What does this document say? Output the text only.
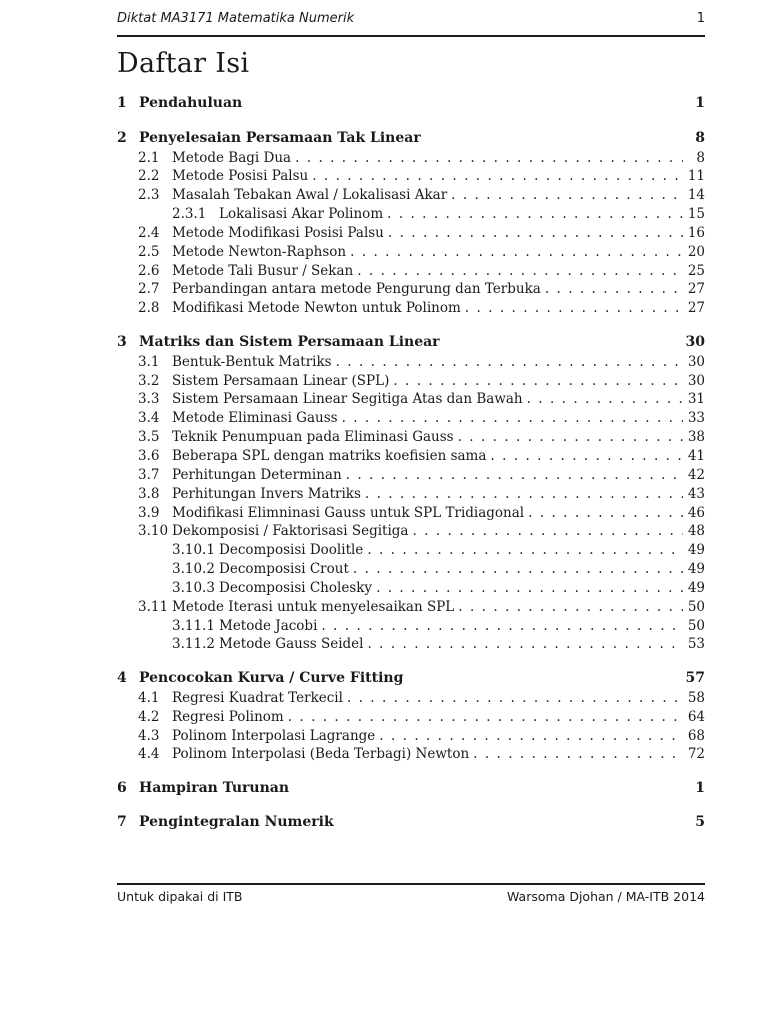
Diktat MA3171 Matematika Numerik	1
Daftar Isi
1 Pendahuluan	1
2 Penyelesaian Persamaan Tak Linear	8
2.1 Metode Bagi Dua . . .	8
2.2 Metode Posisi Palsu . . .	11
2.3 Masalah Tebakan Awal / Lokalisasi Akar . . .	14
2.3.1 Lokalisasi Akar Polinom . . .	15
2.4 Metode Modifikasi Posisi Palsu . . .	16
2.5 Metode Newton-Raphson . . .	20
2.6 Metode Tali Busur / Sekan . . .	25
2.7 Perbandingan antara metode Pengurung dan Terbuka . . .	27
2.8 Modifikasi Metode Newton untuk Polinom . . .	27
3 Matriks dan Sistem Persamaan Linear	30
3.1 Bentuk-Bentuk Matriks . . .	30
3.2 Sistem Persamaan Linear (SPL) . . .	30
3.3 Sistem Persamaan Linear Segitiga Atas dan Bawah . . .	31
3.4 Metode Eliminasi Gauss . . .	33
3.5 Teknik Penumpuan pada Eliminasi Gauss . . .	38
3.6 Beberapa SPL dengan matriks koefisien sama . . .	41
3.7 Perhitungan Determinan . . .	42
3.8 Perhitungan Invers Matriks . . .	43
3.9 Modifikasi Elimninasi Gauss untuk SPL Tridiagonal . . .	46
3.10 Dekomposisi / Faktorisasi Segitiga . . .	48
3.10.1 Decomposisi Doolitle . . .	49
3.10.2 Decomposisi Crout . . .	49
3.10.3 Decomposisi Cholesky . . .	49
3.11 Metode Iterasi untuk menyelesaikan SPL . . .	50
3.11.1 Metode Jacobi . . .	50
3.11.2 Metode Gauss Seidel . . .	53
4 Pencocokan Kurva / Curve Fitting	57
4.1 Regresi Kuadrat Terkecil . . .	58
4.2 Regresi Polinom . . .	64
4.3 Polinom Interpolasi Lagrange . . .	68
4.4 Polinom Interpolasi (Beda Terbagi) Newton . . .	72
6 Hampiran Turunan	1
7 Pengintegralan Numerik	5
Untuk dipakai di ITB	Warsoma Djohan / MA-ITB 2014
